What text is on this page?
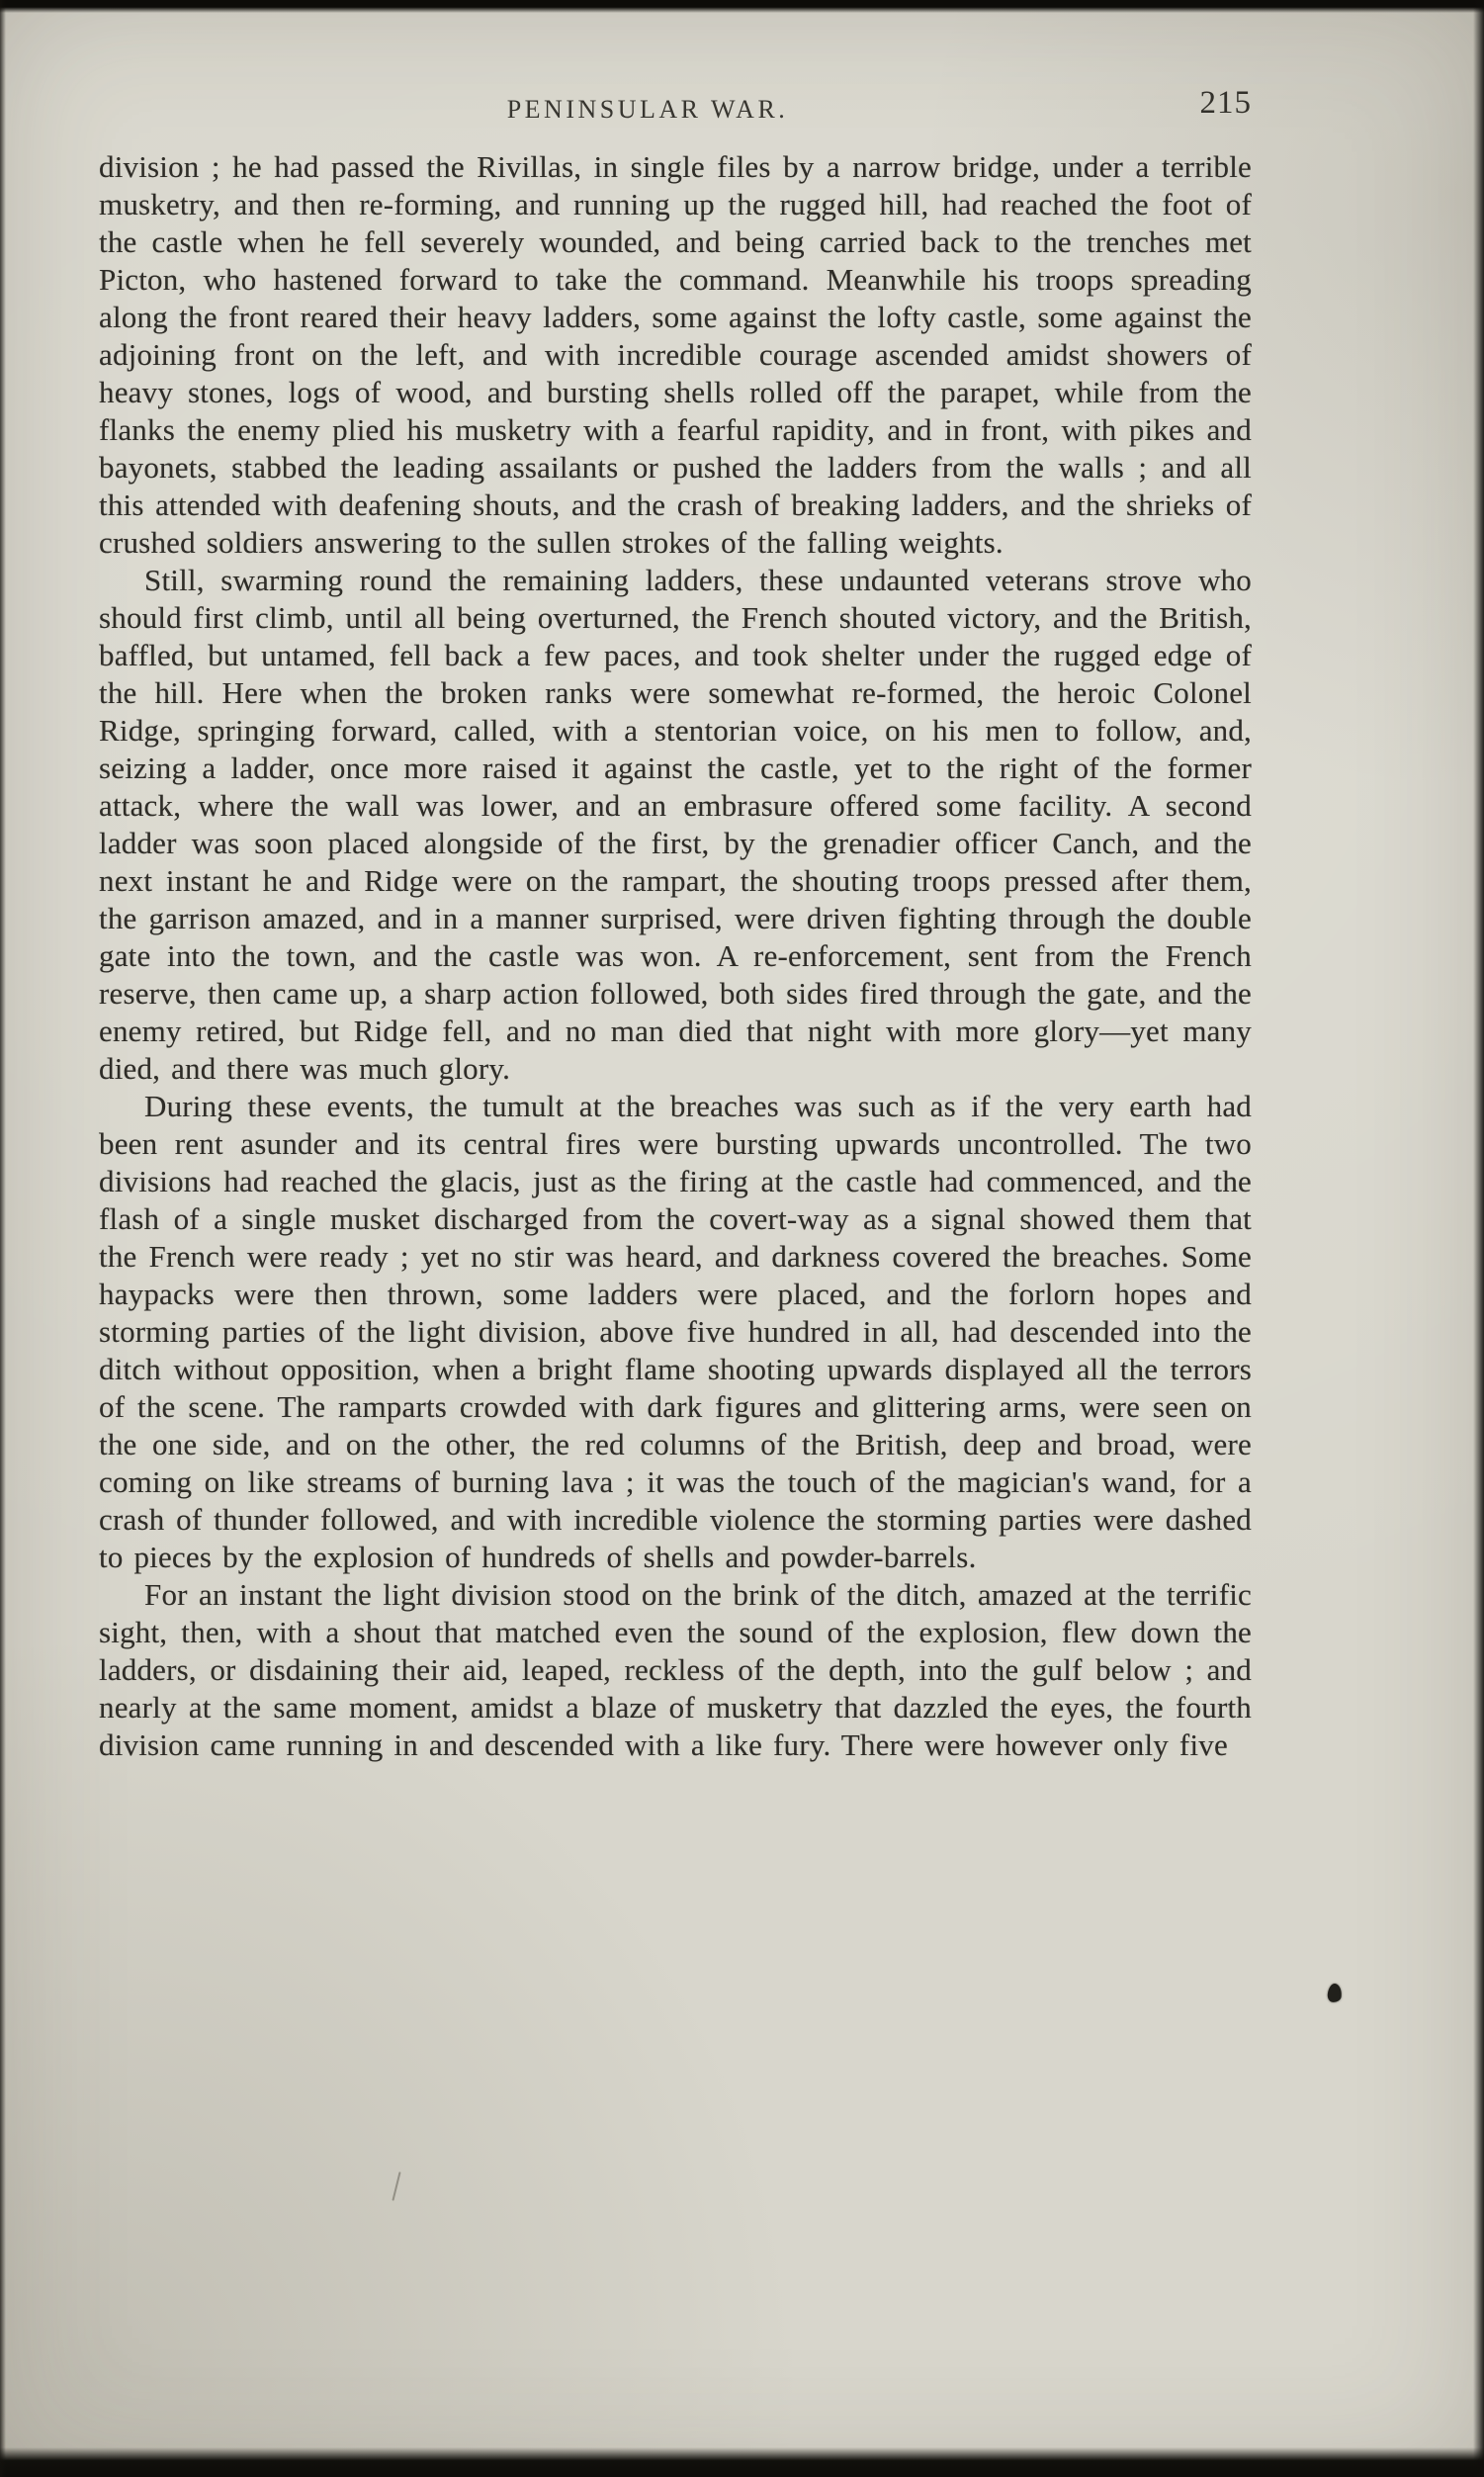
PENINSULAR WAR.	215

division ; he had passed the Rivillas, in single files by a narrow bridge, under a terrible musketry, and then re-forming, and running up the rugged hill, had reached the foot of the castle when he fell severely wounded, and being carried back to the trenches met Picton, who hastened forward to take the command. Meanwhile his troops spreading along the front reared their heavy ladders, some against the lofty castle, some against the adjoining front on the left, and with incredible courage ascended amidst showers of heavy stones, logs of wood, and bursting shells rolled off the parapet, while from the flanks the enemy plied his musketry with a fearful rapidity, and in front, with pikes and bayonets, stabbed the leading assailants or pushed the ladders from the walls ; and all this attended with deafening shouts, and the crash of breaking ladders, and the shrieks of crushed soldiers answering to the sullen strokes of the falling weights.

Still, swarming round the remaining ladders, these undaunted veterans strove who should first climb, until all being overturned, the French shouted victory, and the British, baffled, but untamed, fell back a few paces, and took shelter under the rugged edge of the hill. Here when the broken ranks were somewhat re-formed, the heroic Colonel Ridge, springing forward, called, with a stentorian voice, on his men to follow, and, seizing a ladder, once more raised it against the castle, yet to the right of the former attack, where the wall was lower, and an embrasure offered some facility. A second ladder was soon placed alongside of the first, by the grenadier officer Canch, and the next instant he and Ridge were on the rampart, the shouting troops pressed after them, the garrison amazed, and in a manner surprised, were driven fighting through the double gate into the town, and the castle was won. A re-enforcement, sent from the French reserve, then came up, a sharp action followed, both sides fired through the gate, and the enemy retired, but Ridge fell, and no man died that night with more glory—yet many died, and there was much glory.

During these events, the tumult at the breaches was such as if the very earth had been rent asunder and its central fires were bursting upwards uncontrolled. The two divisions had reached the glacis, just as the firing at the castle had commenced, and the flash of a single musket discharged from the covert-way as a signal showed them that the French were ready ; yet no stir was heard, and darkness covered the breaches. Some haypacks were then thrown, some ladders were placed, and the forlorn hopes and storming parties of the light division, above five hundred in all, had descended into the ditch without opposition, when a bright flame shooting upwards displayed all the terrors of the scene. The ramparts crowded with dark figures and glittering arms, were seen on the one side, and on the other, the red columns of the British, deep and broad, were coming on like streams of burning lava ; it was the touch of the magician's wand, for a crash of thunder followed, and with incredible violence the storming parties were dashed to pieces by the explosion of hundreds of shells and powder-barrels.

For an instant the light division stood on the brink of the ditch, amazed at the terrific sight, then, with a shout that matched even the sound of the explosion, flew down the ladders, or disdaining their aid, leaped, reckless of the depth, into the gulf below ; and nearly at the same moment, amidst a blaze of musketry that dazzled the eyes, the fourth division came running in and descended with a like fury. There were however only five
